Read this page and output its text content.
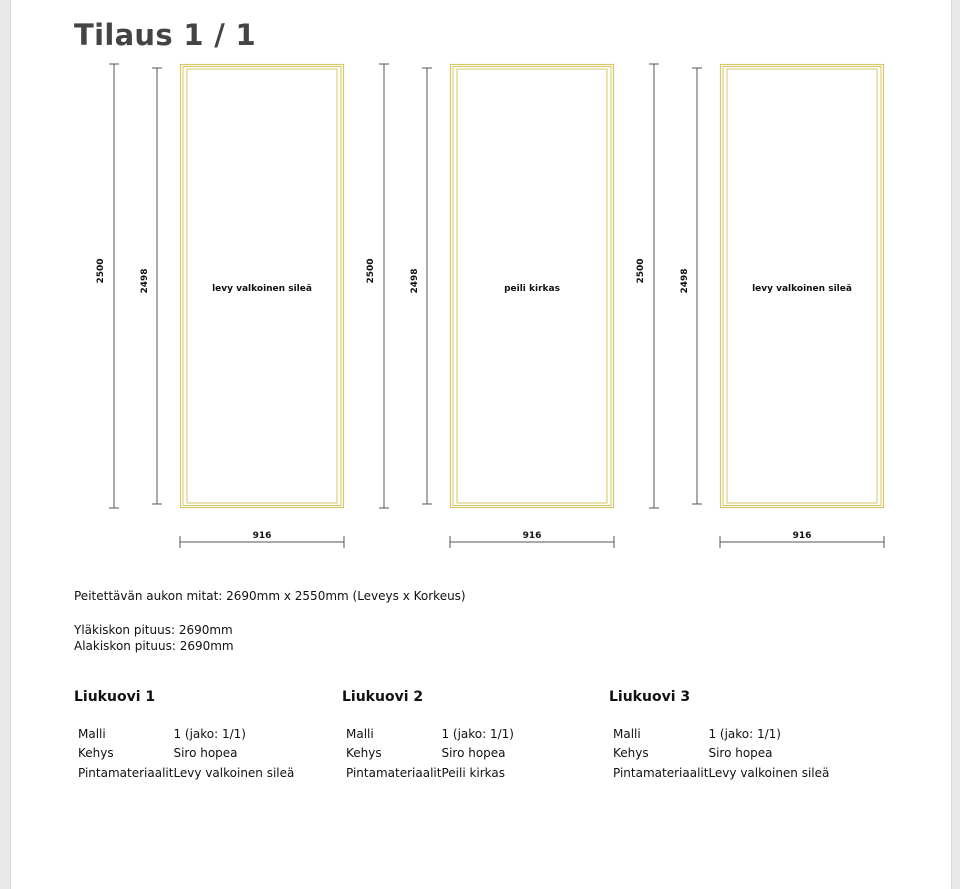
Tilaus 1 / 1
2500	2498	levy valkoinen sileä
916
2500	2498	peili kirkas
916
2500	2498	levy valkoinen sileä
916
Peitettävän aukon mitat: 2690mm x 2550mm (Leveys x Korkeus)
Yläkiskon pituus: 2690mm
Alakiskon pituus: 2690mm
Liukuovi 1
Malli	1 (jako: 1/1)
Kehys	Siro hopea
Pintamateriaalit	Levy valkoinen sileä
Liukuovi 2
Malli	1 (jako: 1/1)
Kehys	Siro hopea
Pintamateriaalit	Peili kirkas
Liukuovi 3
Malli	1 (jako: 1/1)
Kehys	Siro hopea
Pintamateriaalit	Levy valkoinen sileä
